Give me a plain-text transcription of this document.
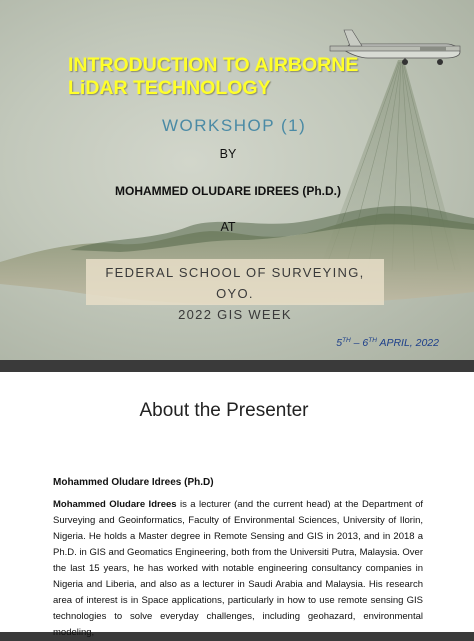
INTRODUCTION TO AIRBORNE
LiDAR TECHNOLOGY
WORKSHOP (1)
BY
MOHAMMED OLUDARE IDREES (Ph.D.)
AT
FEDERAL SCHOOL OF SURVEYING, OYO.
2022 GIS WEEK
5TH – 6TH APRIL, 2022
About the Presenter
Mohammed Oludare Idrees (Ph.D)

Mohammed Oludare Idrees is a lecturer (and the current head) at the Department of Surveying and Geoinformatics, Faculty of Environmental Sciences, University of Ilorin, Nigeria. He holds a Master degree in Remote Sensing and GIS in 2013, and in 2018 a Ph.D. in GIS and Geomatics Engineering, both from the Universiti Putra, Malaysia. Over the last 15 years, he has worked with notable engineering consultancy companies in Nigeria and Liberia, and also as a lecturer in Saudi Arabia and Malaysia. His research area of interest is in Space applications, particularly in how to use remote sensing GIS technologies to solve everyday challenges, including geohazard, environmental modeling,
